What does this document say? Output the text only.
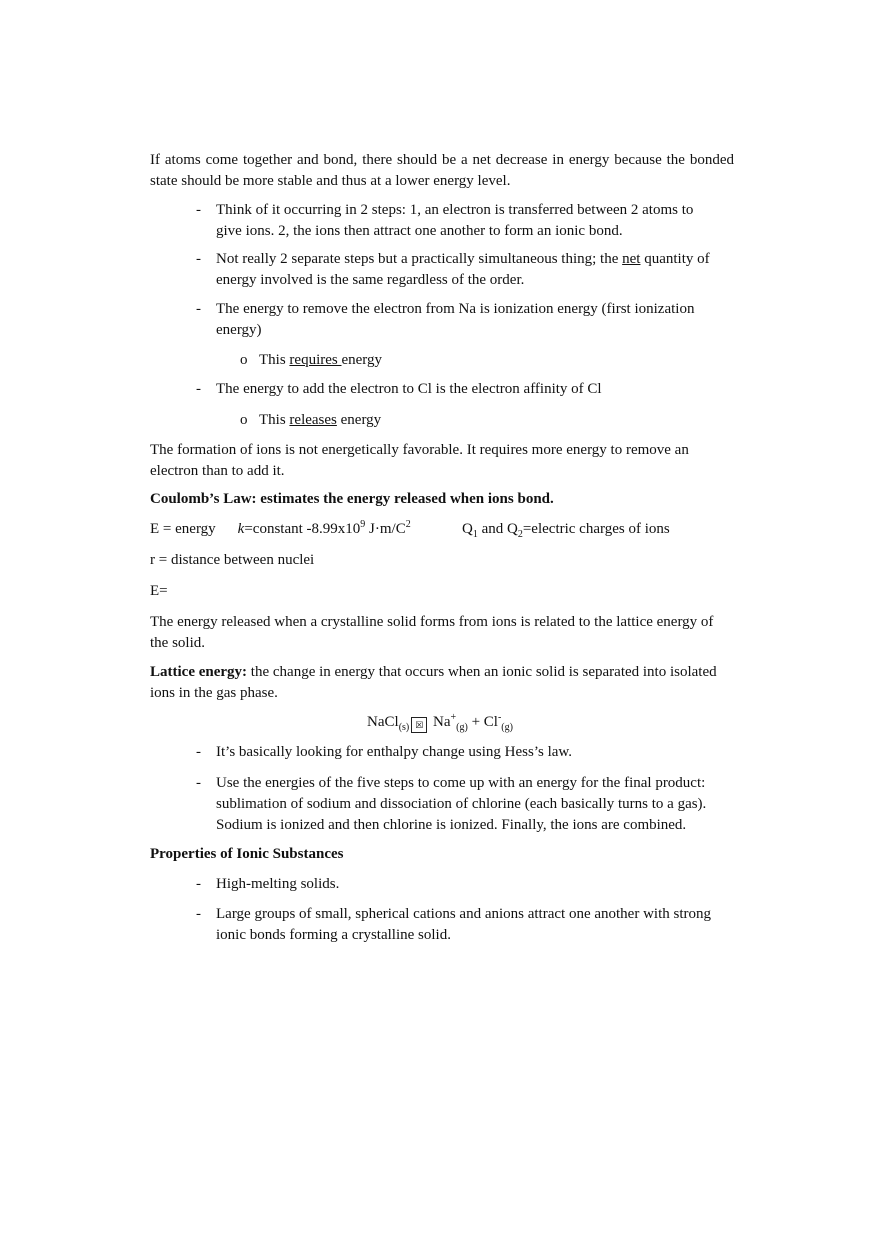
If atoms come together and bond, there should be a net decrease in energy because the bonded state should be more stable and thus at a lower energy level.
- Think of it occurring in 2 steps: 1, an electron is transferred between 2 atoms to give ions. 2, the ions then attract one another to form an ionic bond.
- Not really 2 separate steps but a practically simultaneous thing; the net quantity of energy involved is the same regardless of the order.
- The energy to remove the electron from Na is ionization energy (first ionization energy)
o This requires energy
- The energy to add the electron to Cl is the electron affinity of Cl
o This releases energy
The formation of ions is not energetically favorable. It requires more energy to remove an electron than to add it.
Coulomb’s Law: estimates the energy released when ions bond.
E = energy k=constant $-8.99x10^9$ $J\cdot m/C^2$	$Q_1$ and $Q_2=electric$ charges of ions
r = distance between nuclei
E=
The energy released when a crystalline solid forms from ions is related to the lattice energy of the solid.
Lattice energy: the change in energy that occurs when an ionic solid is separated into isolated ions in the gas phase.
NaCl$_{(s)}$ ☒ $Na^+_{(g)} + Cl^-_{(g)}$
- It’s basically looking for enthalpy change using Hess’s law.
- Use the energies of the five steps to come up with an energy for the final product: sublimation of sodium and dissociation of chlorine (each basically turns to a gas). Sodium is ionized and then chlorine is ionized. Finally, the ions are combined.
Properties of Ionic Substances
- High-melting solids.
- Large groups of small, spherical cations and anions attract one another with strong ionic bonds forming a crystalline solid.
